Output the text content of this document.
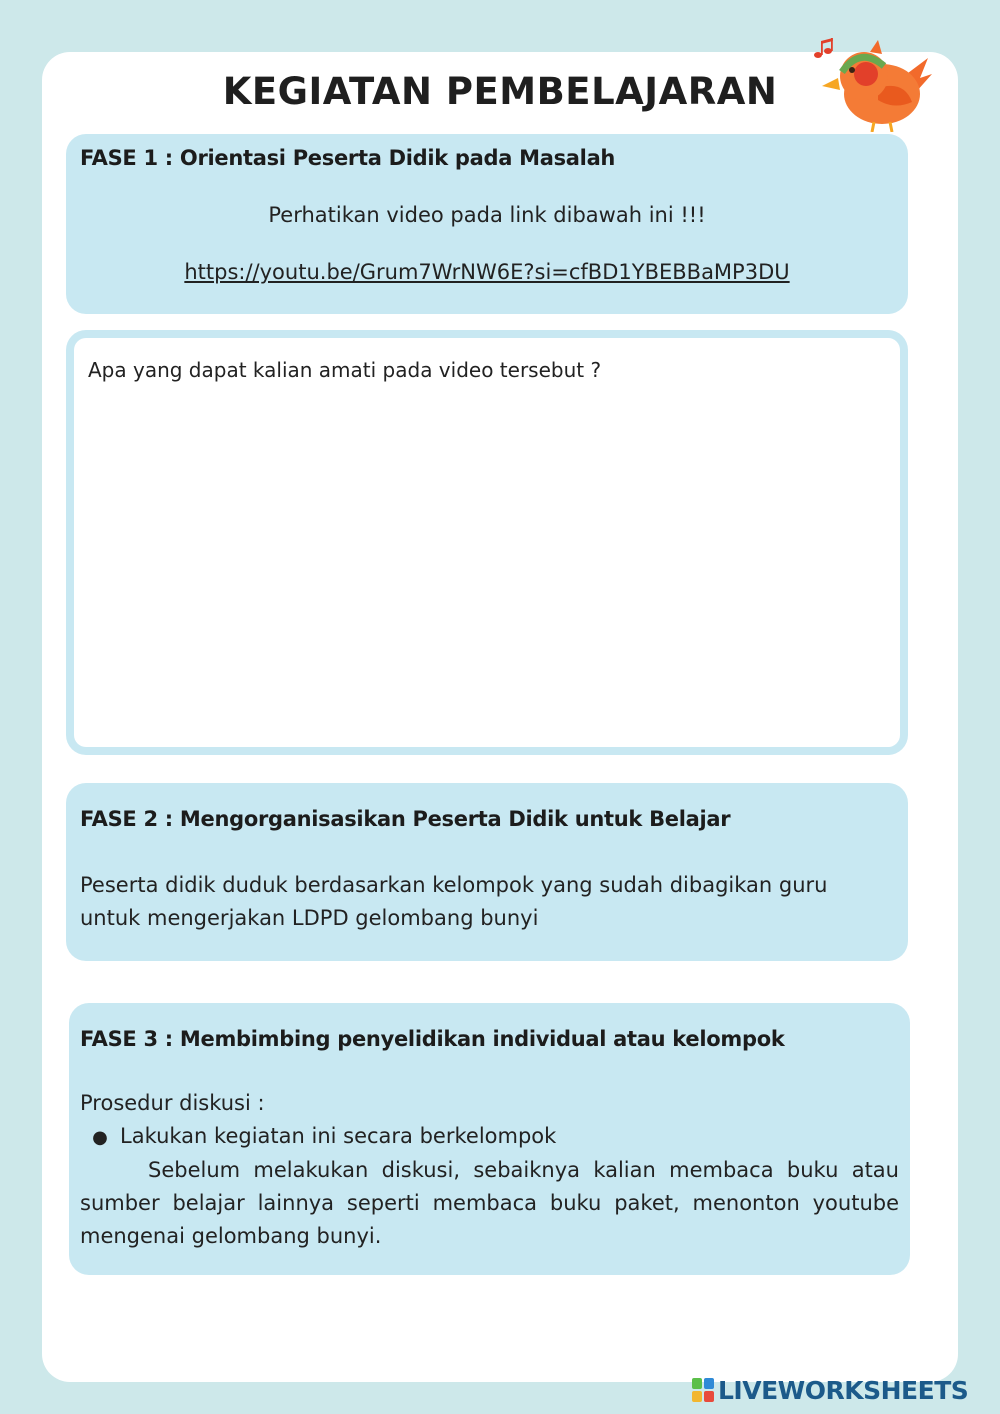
KEGIATAN PEMBELAJARAN
FASE 1 : Orientasi Peserta Didik pada Masalah
Perhatikan video pada link dibawah ini !!!
https://youtu.be/Grum7WrNW6E?si=cfBD1YBEBBaMP3DU
Apa yang dapat kalian amati pada video tersebut ?
FASE 2 : Mengorganisasikan Peserta Didik untuk Belajar
Peserta didik duduk berdasarkan kelompok yang sudah dibagikan guru untuk mengerjakan LDPD gelombang bunyi
FASE 3 : Membimbing penyelidikan individual atau kelompok
Prosedur diskusi :
● Lakukan kegiatan ini secara berkelompok
Sebelum melakukan diskusi, sebaiknya kalian membaca buku atau sumber belajar lainnya seperti membaca buku paket, menonton youtube mengenai gelombang bunyi.
LIVEWORKSHEETS
